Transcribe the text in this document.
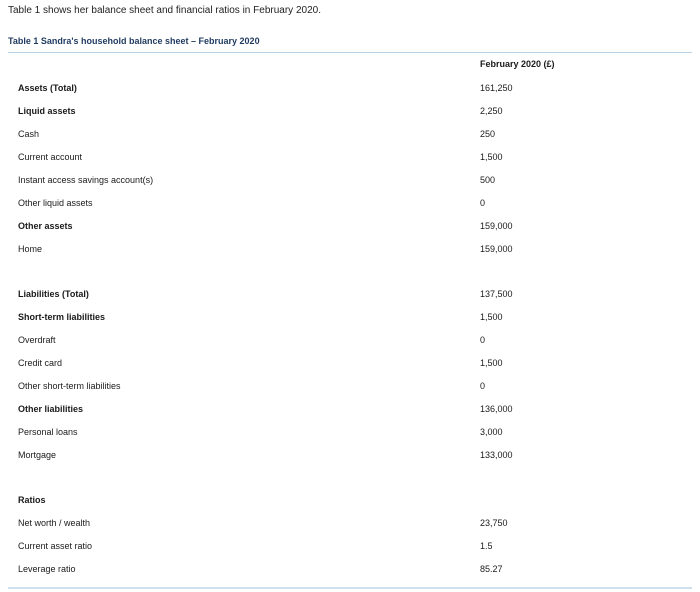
Table 1 shows her balance sheet and financial ratios in February 2020.
Table 1 Sandra's household balance sheet – February 2020
February 2020 (£)
Assets (Total)	161,250
Liquid assets	2,250
Cash	250
Current account	1,500
Instant access savings account(s)	500
Other liquid assets	0
Other assets	159,000
Home	159,000
Liabilities (Total)	137,500
Short-term liabilities	1,500
Overdraft	0
Credit card	1,500
Other short-term liabilities	0
Other liabilities	136,000
Personal loans	3,000
Mortgage	133,000
Ratios
Net worth / wealth	23,750
Current asset ratio	1.5
Leverage ratio	85.27
